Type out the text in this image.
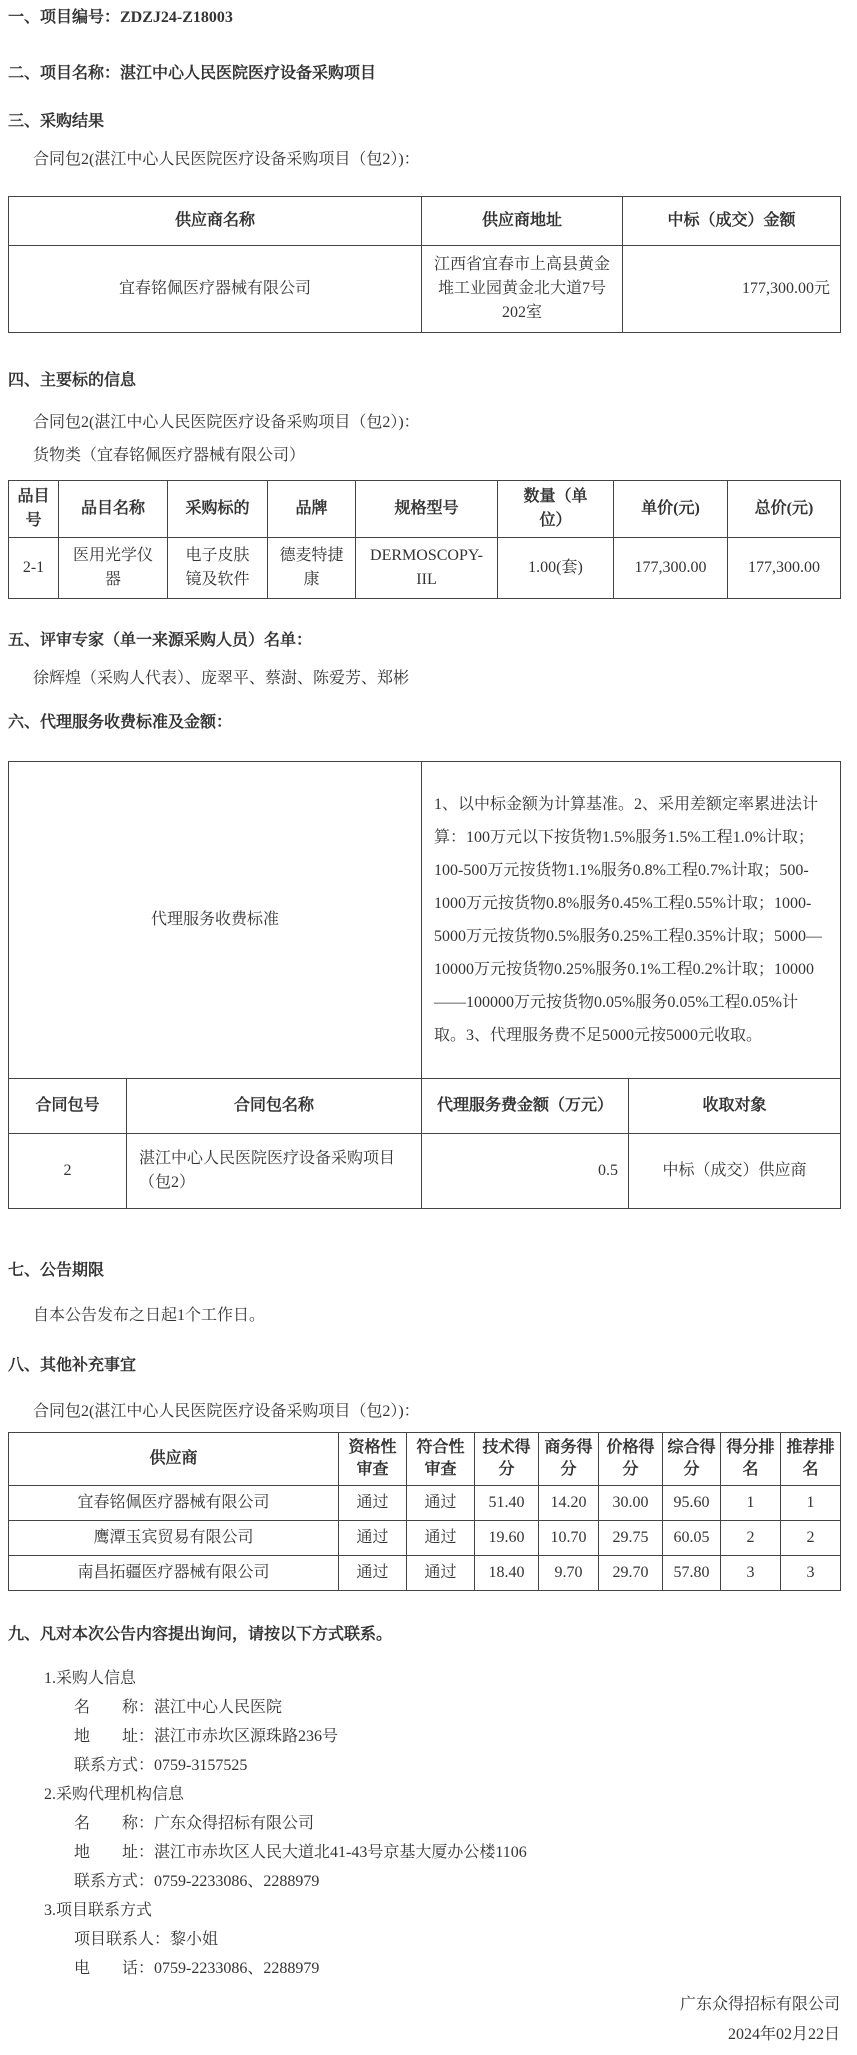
一、项目编号：ZDZJ24-Z18003
二、项目名称：湛江中心人民医院医疗设备采购项目
三、采购结果
合同包2(湛江中心人民医院医疗设备采购项目（包2）)：
供应商名称	供应商地址	中标（成交）金额
宜春铭佩医疗器械有限公司	江西省宜春市上高县黄金堆工业园黄金北大道7号202室	177,300.00元
四、主要标的信息
合同包2(湛江中心人民医院医疗设备采购项目（包2）)：
货物类（宜春铭佩医疗器械有限公司）
品目号	品目名称	采购标的	品牌	规格型号	数量（单位）	单价(元)	总价(元)
2-1	医用光学仪器	电子皮肤镜及软件	德麦特捷康	DERMOSCOPY-IIL	1.00(套)	177,300.00	177,300.00
五、评审专家（单一来源采购人员）名单：
徐辉煌（采购人代表）、庞翠平、蔡澍、陈爱芳、郑彬
六、代理服务收费标准及金额：
代理服务收费标准		1、以中标金额为计算基准。2、采用差额定率累进法计算：100万元以下按货物1.5%服务1.5%工程1.0%计取；100-500万元按货物1.1%服务0.8%工程0.7%计取；500-1000万元按货物0.8%服务0.45%工程0.55%计取；1000-5000万元按货物0.5%服务0.25%工程0.35%计取；5000—10000万元按货物0.25%服务0.1%工程0.2%计取；10000——100000万元按货物0.05%服务0.05%工程0.05%计取。3、代理服务费不足5000元按5000元收取。	
合同包号	合同包名称	代理服务费金额（万元）	收取对象
2	湛江中心人民医院医疗设备采购项目（包2）	0.5	中标（成交）供应商
七、公告期限
自本公告发布之日起1个工作日。
八、其他补充事宜
合同包2(湛江中心人民医院医疗设备采购项目（包2）)：
供应商	资格性审查	符合性审查	技术得分	商务得分	价格得分	综合得分	得分排名	推荐排名
宜春铭佩医疗器械有限公司	通过	通过	51.40	14.20	30.00	95.60	1	1
鹰潭玉宾贸易有限公司	通过	通过	19.60	10.70	29.75	60.05	2	2
南昌拓疆医疗器械有限公司	通过	通过	18.40	9.70	29.70	57.80	3	3
九、凡对本次公告内容提出询问，请按以下方式联系。
1.采购人信息
名　　称：湛江中心人民医院
地　　址：湛江市赤坎区源珠路236号
联系方式：0759-3157525
2.采购代理机构信息
名　　称：广东众得招标有限公司
地　　址：湛江市赤坎区人民大道北41-43号京基大厦办公楼1106
联系方式：0759-2233086、2288979
3.项目联系方式
项目联系人：黎小姐
电　　话：0759-2233086、2288979
广东众得招标有限公司
2024年02月22日
